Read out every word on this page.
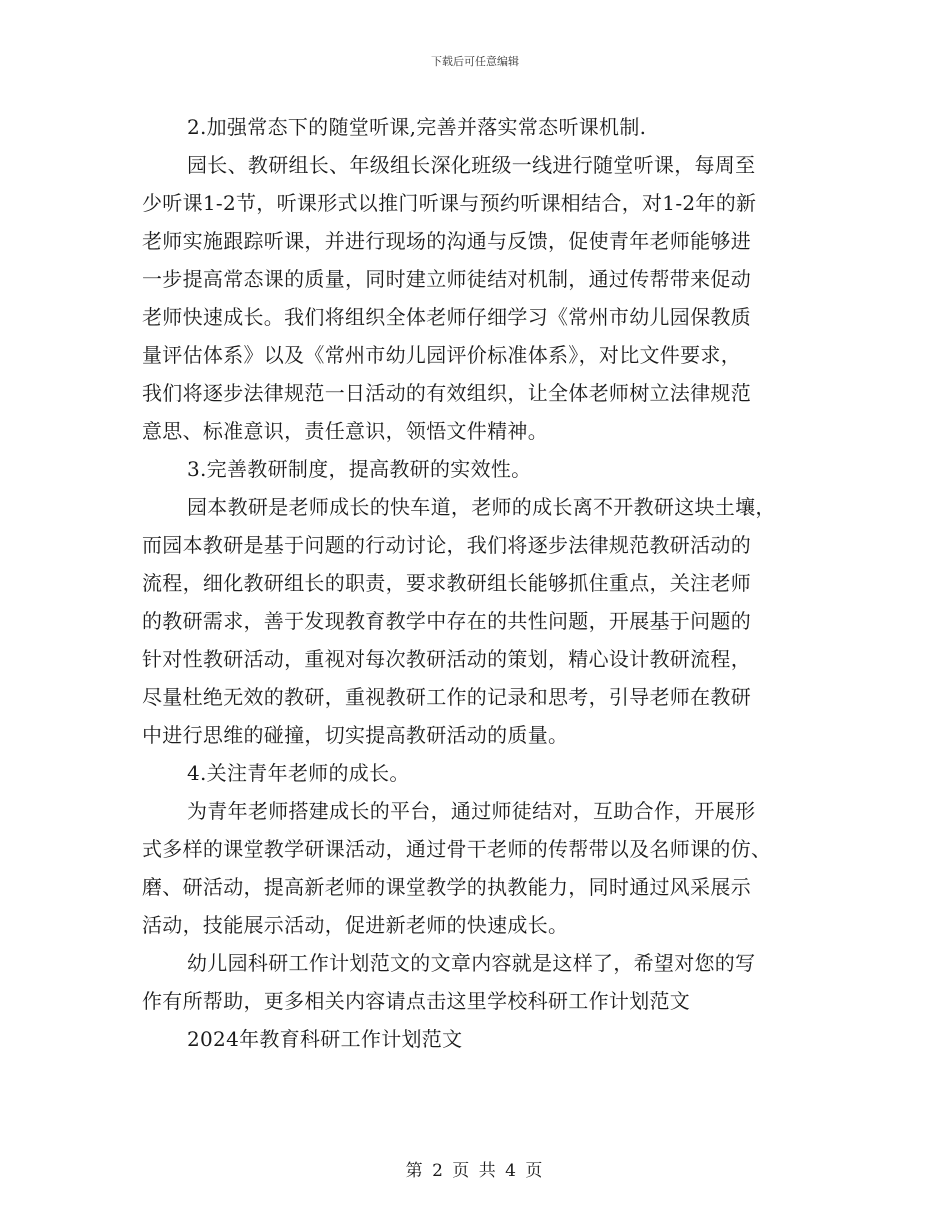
下载后可任意编辑
2.加强常态下的随堂听课,完善并落实常态听课机制.
园长、教研组长、年级组长深化班级一线进行随堂听课，每周至
少听课1-2节，听课形式以推门听课与预约听课相结合，对1-2年的新
老师实施跟踪听课，并进行现场的沟通与反馈，促使青年老师能够进
一步提高常态课的质量，同时建立师徒结对机制，通过传帮带来促动
老师快速成长。我们将组织全体老师仔细学习《常州市幼儿园保教质
量评估体系》以及《常州市幼儿园评价标准体系》，对比文件要求，
我们将逐步法律规范一日活动的有效组织，让全体老师树立法律规范
意思、标准意识，责任意识，领悟文件精神。
3.完善教研制度，提高教研的实效性。
园本教研是老师成长的快车道，老师的成长离不开教研这块土壤，
而园本教研是基于问题的行动讨论，我们将逐步法律规范教研活动的
流程，细化教研组长的职责，要求教研组长能够抓住重点，关注老师
的教研需求，善于发现教育教学中存在的共性问题，开展基于问题的
针对性教研活动，重视对每次教研活动的策划，精心设计教研流程，
尽量杜绝无效的教研，重视教研工作的记录和思考，引导老师在教研
中进行思维的碰撞，切实提高教研活动的质量。
4.关注青年老师的成长。
为青年老师搭建成长的平台，通过师徒结对，互助合作，开展形
式多样的课堂教学研课活动，通过骨干老师的传帮带以及名师课的仿、
磨、研活动，提高新老师的课堂教学的执教能力，同时通过风采展示
活动，技能展示活动，促进新老师的快速成长。
幼儿园科研工作计划范文的文章内容就是这样了，希望对您的写
作有所帮助，更多相关内容请点击这里学校科研工作计划范文
2024年教育科研工作计划范文
第 2 页 共 4 页
